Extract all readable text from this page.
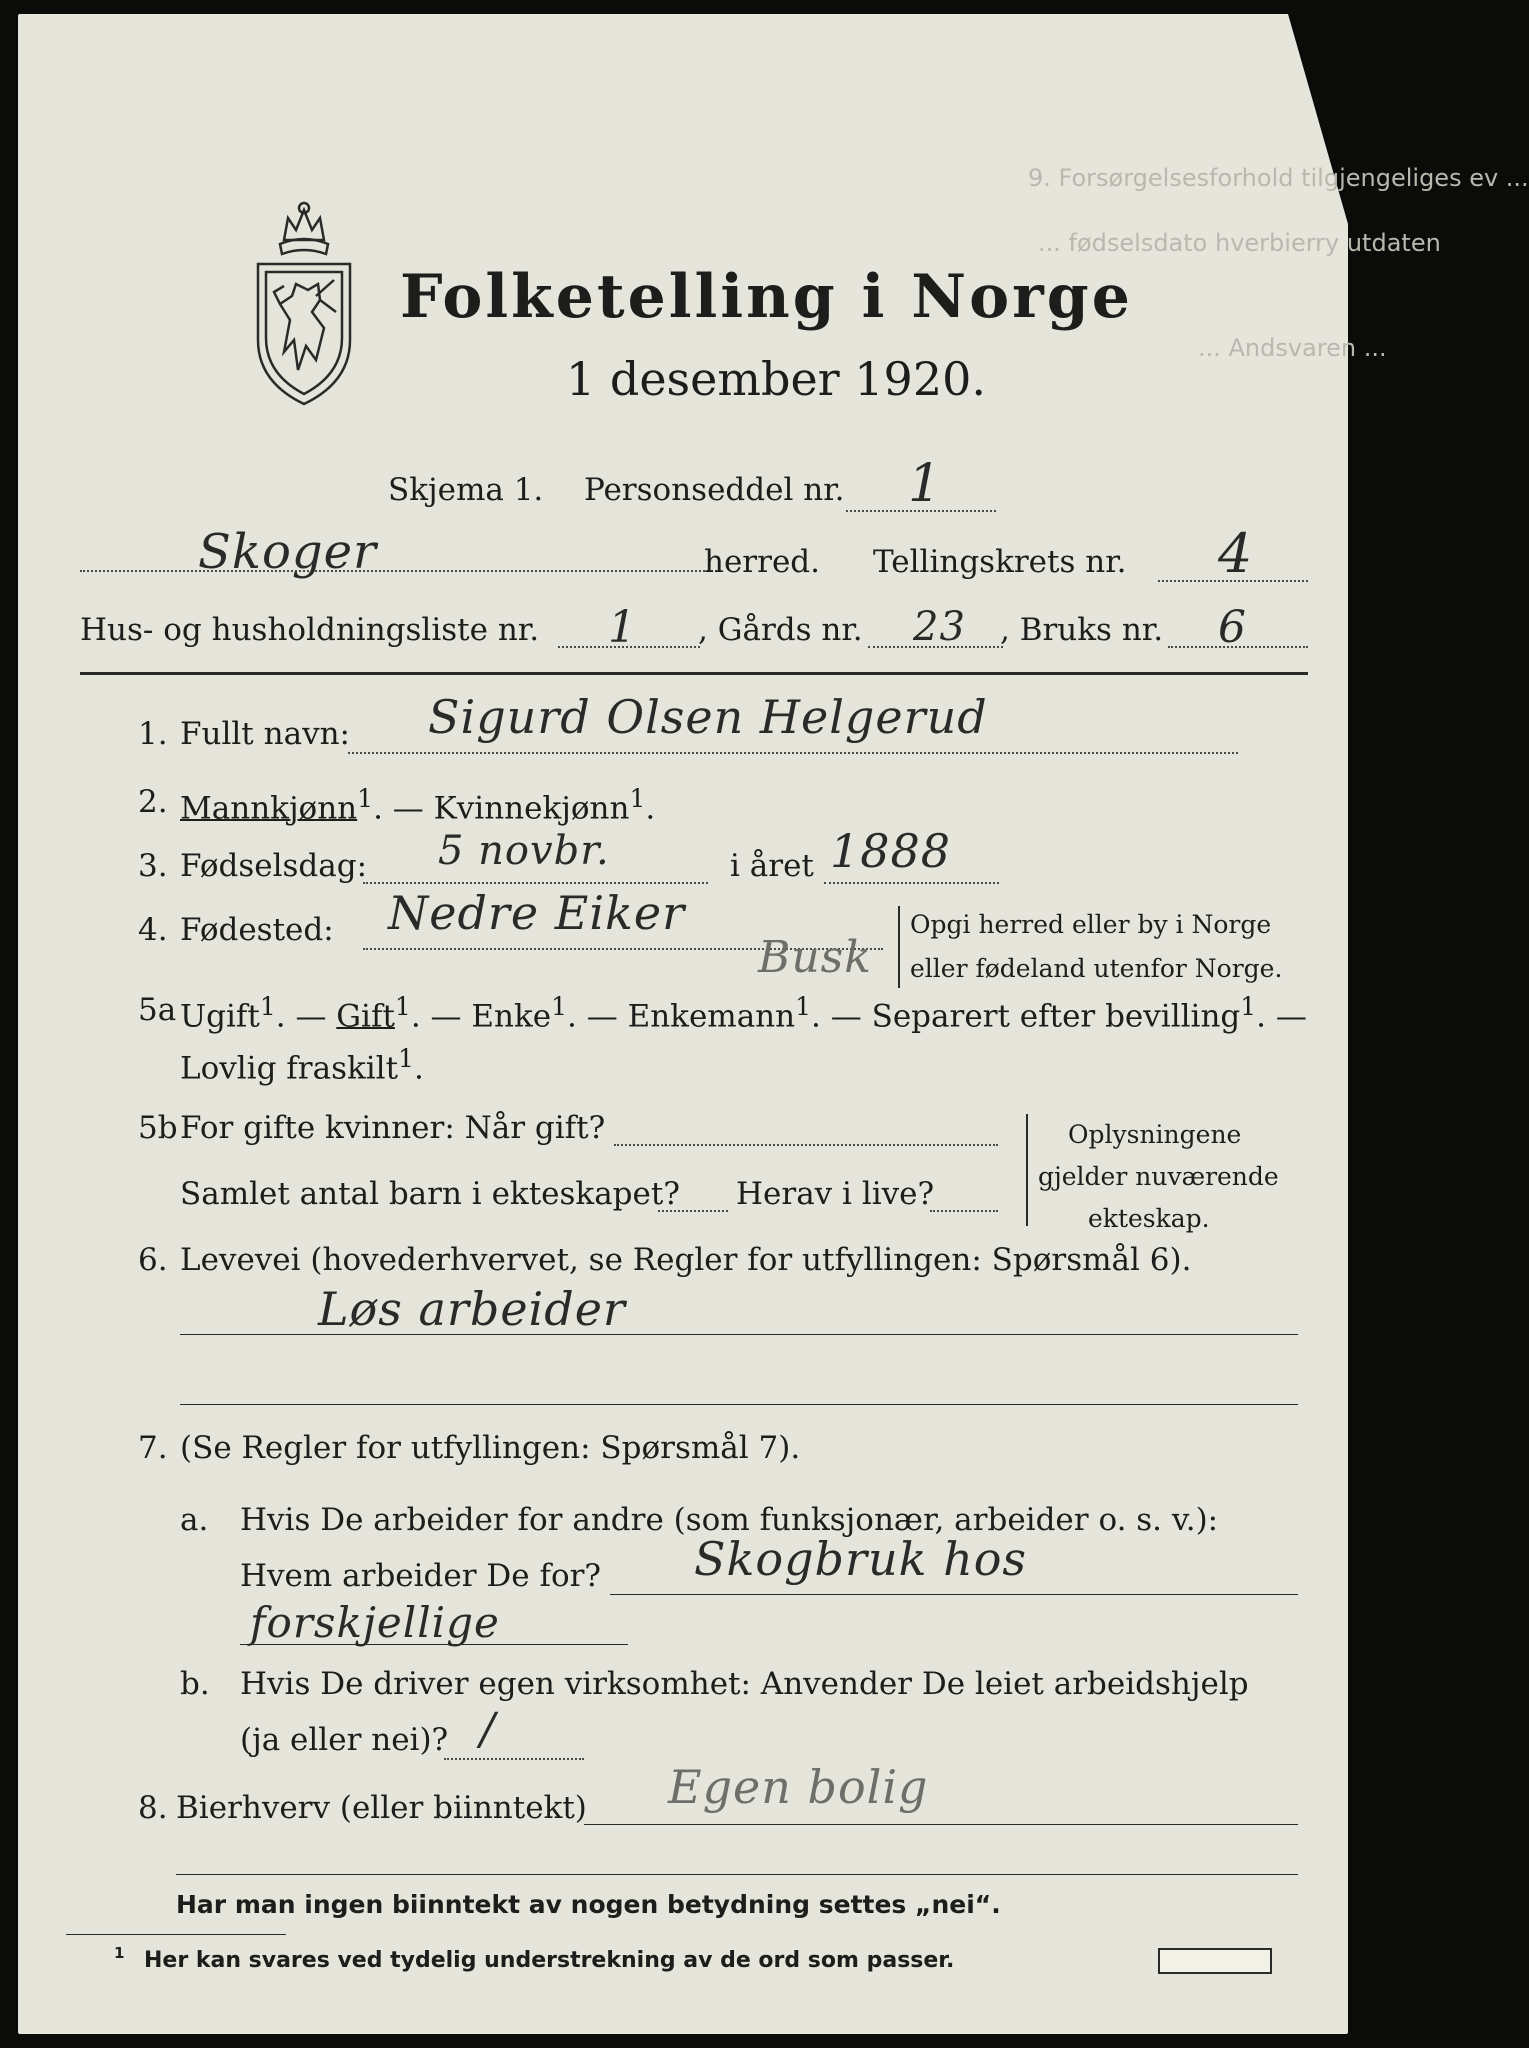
9. Forsørgelsesforhold tilgjengeliges ev ...
... fødselsdato hverbierry utdaten
... Andsvaren ...
Folketelling i Norge
1 desember 1920.
Skjema 1. Personseddel nr. 1
Skoger	herred. Tellingskrets nr. 4
Hus- og husholdningsliste nr. 1 , Gårds nr. 23 , Bruks nr. 6
1. Fullt navn: Sigurd Olsen Helgerud
2. Mannkjønn$^1$. — Kvinnekjønn$^1$.
3. Fødselsdag: 5 novbr.	i året 1888
4. Fødested: Nedre Eiker
Busk
Opgi herred eller by i Norge
eller fødeland utenfor Norge.
5a Ugift$^1$. — Gift$^1$. — Enke$^1$. — Enkemann$^1$. — Separert efter bevilling$^1$. —
Lovlig fraskilt$^1$.
5b For gifte kvinner: Når gift?
Samlet antal barn i ekteskapet? Herav i live?
Oplysningene
gjelder nuværende
ekteskap.
6. Levevei (hovederhvervet, se Regler for utfyllingen: Spørsmål 6).
Løs arbeider
7. (Se Regler for utfyllingen: Spørsmål 7).
a. Hvis De arbeider for andre (som funksjonær, arbeider o. s. v.):
Hvem arbeider De for? Skogbruk hos
forskjellige
b. Hvis De driver egen virksomhet: Anvender De leiet arbeidshjelp
(ja eller nei)? /
8. Bierhverv (eller biinntekt) Egen bolig
Har man ingen biinntekt av nogen betydning settes „nei“.
1 Her kan svares ved tydelig understrekning av de ord som passer.
